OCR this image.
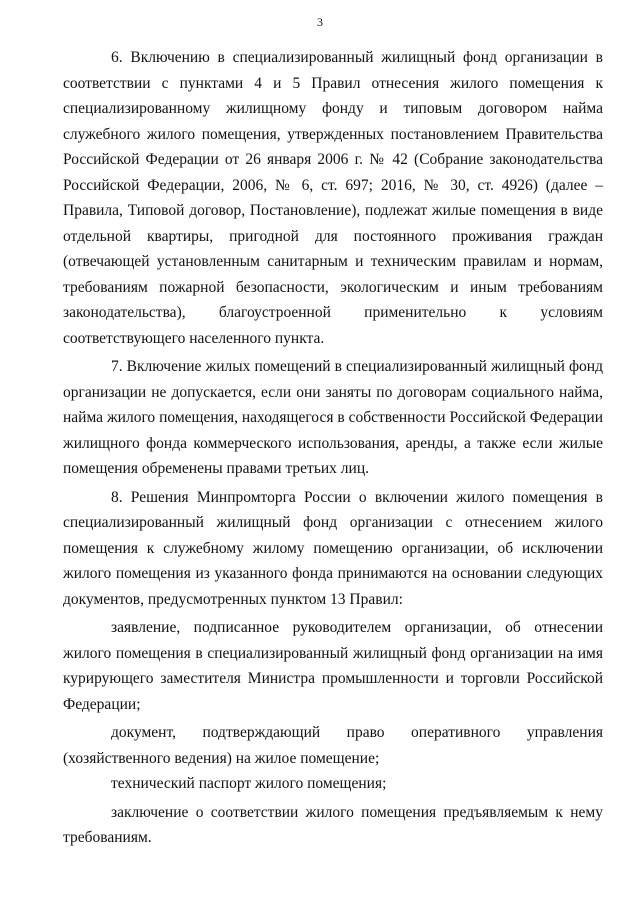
3

6. Включению в специализированный жилищный фонд организации в соответствии с пунктами 4 и 5 Правил отнесения жилого помещения к специализированному жилищному фонду и типовым договором найма служебного жилого помещения, утвержденных постановлением Правительства Российской Федерации от 26 января 2006 г. № 42 (Собрание законодательства Российской Федерации, 2006, № 6, ст. 697; 2016, № 30, ст. 4926) (далее – Правила, Типовой договор, Постановление), подлежат жилые помещения в виде отдельной квартиры, пригодной для постоянного проживания граждан (отвечающей установленным санитарным и техническим правилам и нормам, требованиям пожарной безопасности, экологическим и иным требованиям законодательства), благоустроенной применительно к условиям соответствующего населенного пункта.

7. Включение жилых помещений в специализированный жилищный фонд организации не допускается, если они заняты по договорам социального найма, найма жилого помещения, находящегося в собственности Российской Федерации жилищного фонда коммерческого использования, аренды, а также если жилые помещения обременены правами третьих лиц.

8. Решения Минпромторга России о включении жилого помещения в специализированный жилищный фонд организации с отнесением жилого помещения к служебному жилому помещению организации, об исключении жилого помещения из указанного фонда принимаются на основании следующих документов, предусмотренных пунктом 13 Правил:

заявление, подписанное руководителем организации, об отнесении жилого помещения в специализированный жилищный фонд организации на имя курирующего заместителя Министра промышленности и торговли Российской Федерации;

документ, подтверждающий право оперативного управления (хозяйственного ведения) на жилое помещение;

технический паспорт жилого помещения;

заключение о соответствии жилого помещения предъявляемым к нему требованиям.
